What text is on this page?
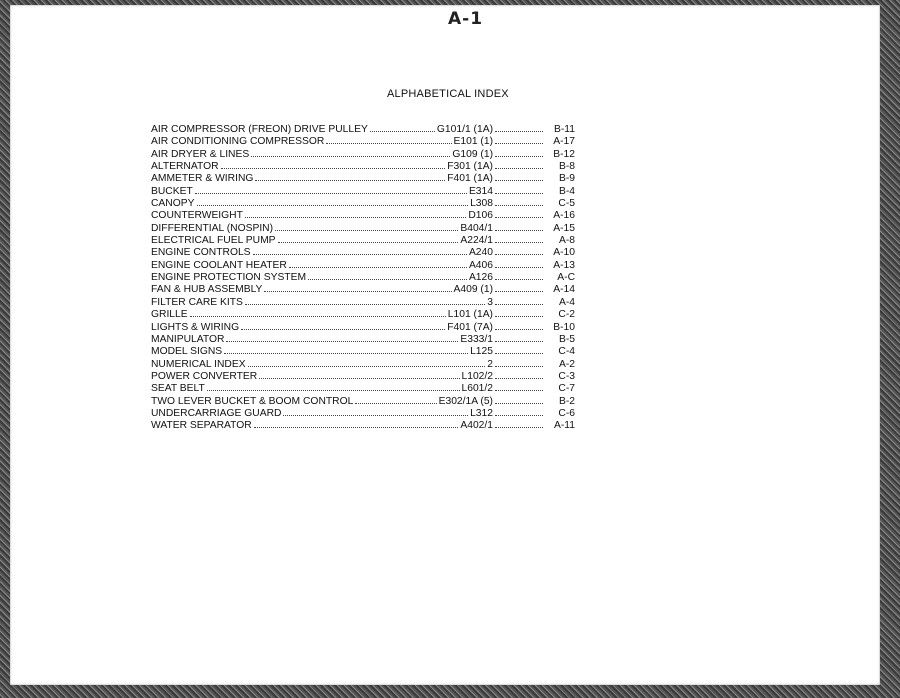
A-1
ALPHABETICAL INDEX
AIR COMPRESSOR (FREON) DRIVE PULLEY	G101/1 (1A)	B-11
AIR CONDITIONING COMPRESSOR	E101 (1)	A-17
AIR DRYER & LINES	G109 (1)	B-12
ALTERNATOR	F301 (1A)	B-8
AMMETER & WIRING	F401 (1A)	B-9
BUCKET	E314	B-4
CANOPY	L308	C-5
COUNTERWEIGHT	D106	A-16
DIFFERENTIAL (NOSPIN)	B404/1	A-15
ELECTRICAL FUEL PUMP	A224/1	A-8
ENGINE CONTROLS	A240	A-10
ENGINE COOLANT HEATER	A406	A-13
ENGINE PROTECTION SYSTEM	A126	A-C
FAN & HUB ASSEMBLY	A409 (1)	A-14
FILTER CARE KITS	3	A-4
GRILLE	L101 (1A)	C-2
LIGHTS & WIRING	F401 (7A)	B-10
MANIPULATOR	E333/1	B-5
MODEL SIGNS	L125	C-4
NUMERICAL INDEX	2	A-2
POWER CONVERTER	L102/2	C-3
SEAT BELT	L601/2	C-7
TWO LEVER BUCKET & BOOM CONTROL	E302/1A (5)	B-2
UNDERCARRIAGE GUARD	L312	C-6
WATER SEPARATOR	A402/1	A-11
